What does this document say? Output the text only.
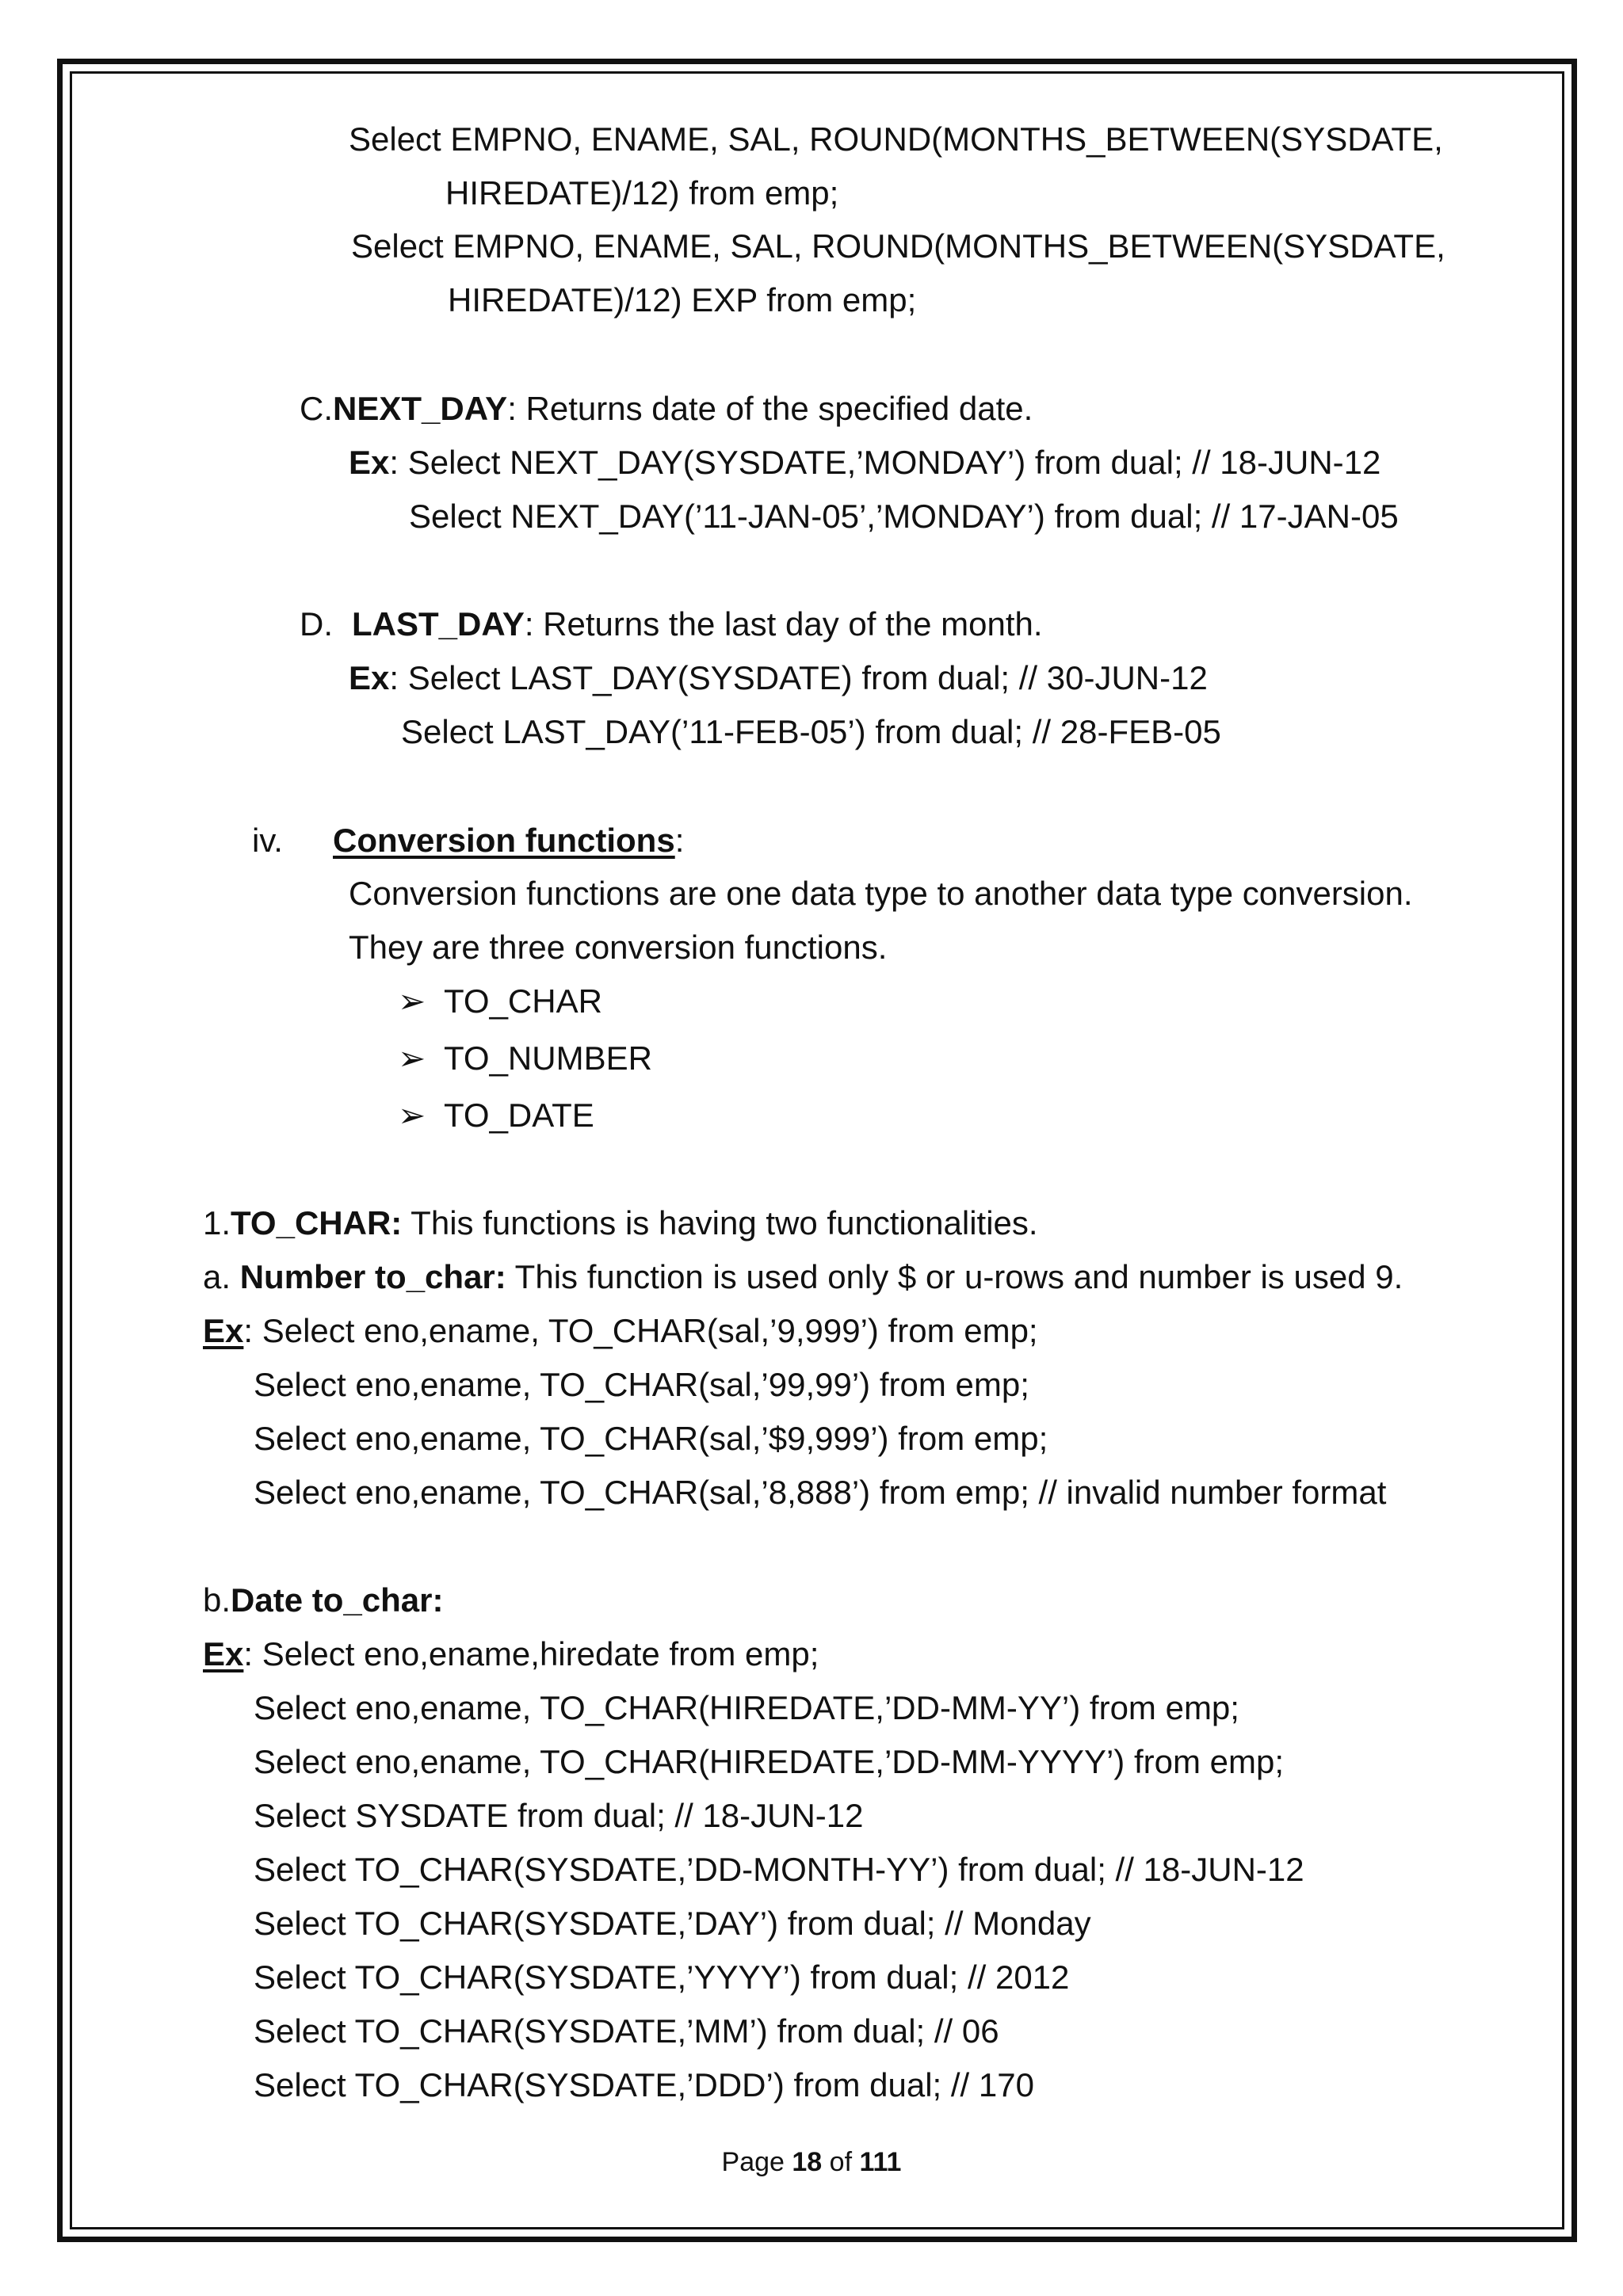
Select EMPNO, ENAME, SAL, ROUND(MONTHS_BETWEEN(SYSDATE,
HIREDATE)/12) from emp;
Select EMPNO, ENAME, SAL, ROUND(MONTHS_BETWEEN(SYSDATE,
HIREDATE)/12) EXP from emp;
C.NEXT_DAY: Returns date of the specified date.
Ex: Select NEXT_DAY(SYSDATE,’MONDAY’) from dual; // 18-JUN-12
Select NEXT_DAY(’11-JAN-05’,’MONDAY’) from dual; // 17-JAN-05
D. LAST_DAY: Returns the last day of the month.
Ex: Select LAST_DAY(SYSDATE) from dual; // 30-JUN-12
Select LAST_DAY(’11-FEB-05’) from dual; // 28-FEB-05
iv. Conversion functions:
Conversion functions are one data type to another data type conversion.
They are three conversion functions.
➢ TO_CHAR
➢ TO_NUMBER
➢ TO_DATE
1.TO_CHAR: This functions is having two functionalities.
a. Number to_char: This function is used only $ or u-rows and number is used 9.
Ex: Select eno,ename, TO_CHAR(sal,’9,999’) from emp;
Select eno,ename, TO_CHAR(sal,’99,99’) from emp;
Select eno,ename, TO_CHAR(sal,’$9,999’) from emp;
Select eno,ename, TO_CHAR(sal,’8,888’) from emp; // invalid number format
b.Date to_char:
Ex: Select eno,ename,hiredate from emp;
Select eno,ename, TO_CHAR(HIREDATE,’DD-MM-YY’) from emp;
Select eno,ename, TO_CHAR(HIREDATE,’DD-MM-YYYY’) from emp;
Select SYSDATE from dual; // 18-JUN-12
Select TO_CHAR(SYSDATE,’DD-MONTH-YY’) from dual; // 18-JUN-12
Select TO_CHAR(SYSDATE,’DAY’) from dual; // Monday
Select TO_CHAR(SYSDATE,’YYYY’) from dual; // 2012
Select TO_CHAR(SYSDATE,’MM’) from dual; // 06
Select TO_CHAR(SYSDATE,’DDD’) from dual; // 170
Page 18 of 111
